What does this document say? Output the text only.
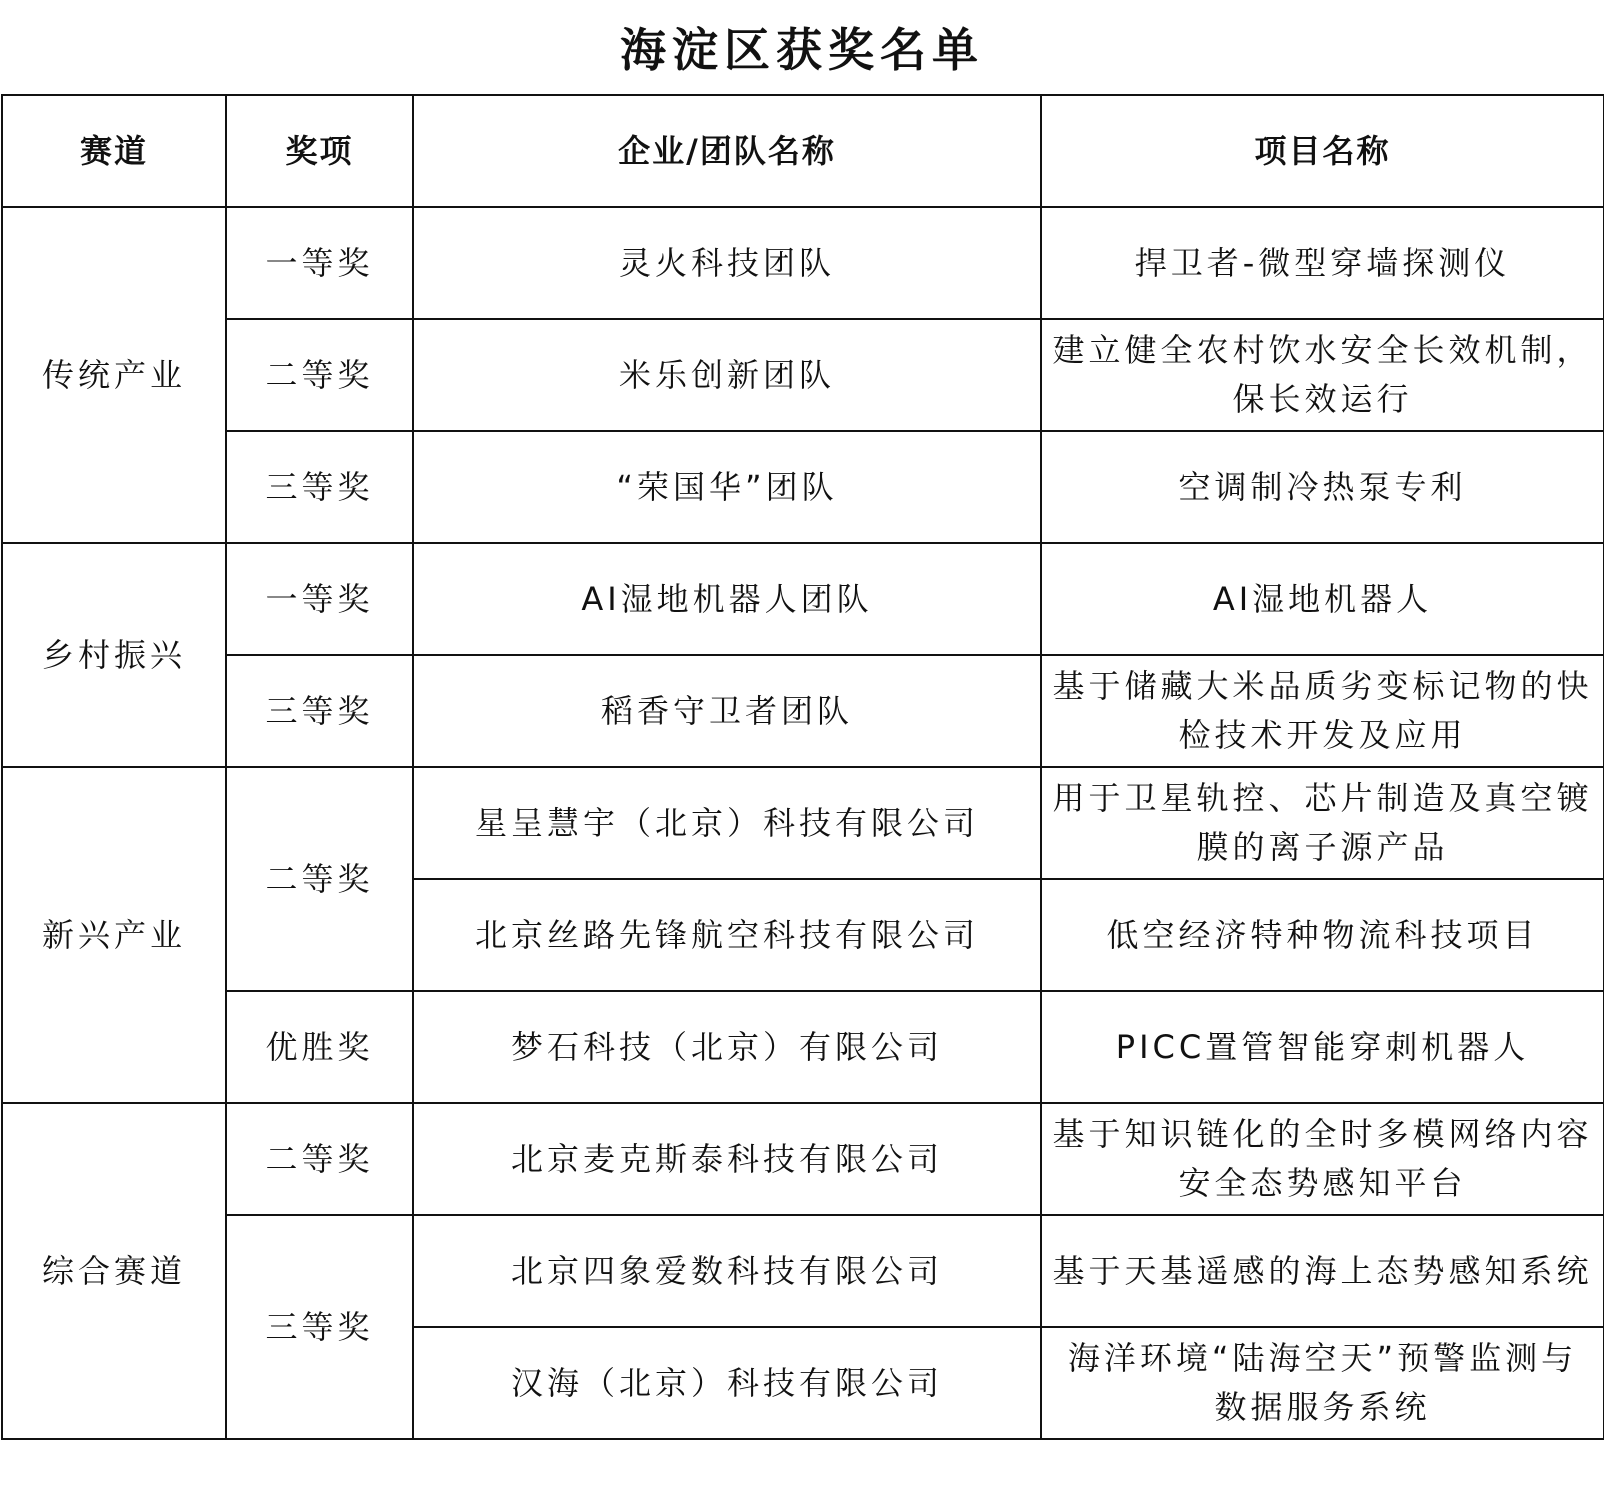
海淀区获奖名单
赛道	奖项	企业/团队名称	项目名称
传统产业	一等奖	灵火科技团队	捍卫者-微型穿墙探测仪
	二等奖	米乐创新团队	建立健全农村饮水安全长效机制，保长效运行
	三等奖	“荣国华”团队	空调制冷热泵专利
乡村振兴	一等奖	AI湿地机器人团队	AI湿地机器人
	三等奖	稻香守卫者团队	基于储藏大米品质劣变标记物的快检技术开发及应用
新兴产业	二等奖	星呈慧宇（北京）科技有限公司	用于卫星轨控、芯片制造及真空镀膜的离子源产品
		北京丝路先锋航空科技有限公司	低空经济特种物流科技项目
	优胜奖	梦石科技（北京）有限公司	PICC置管智能穿刺机器人
综合赛道	二等奖	北京麦克斯泰科技有限公司	基于知识链化的全时多模网络内容安全态势感知平台
	三等奖	北京四象爱数科技有限公司	基于天基遥感的海上态势感知系统
		汉海（北京）科技有限公司	海洋环境“陆海空天”预警监测与数据服务系统
